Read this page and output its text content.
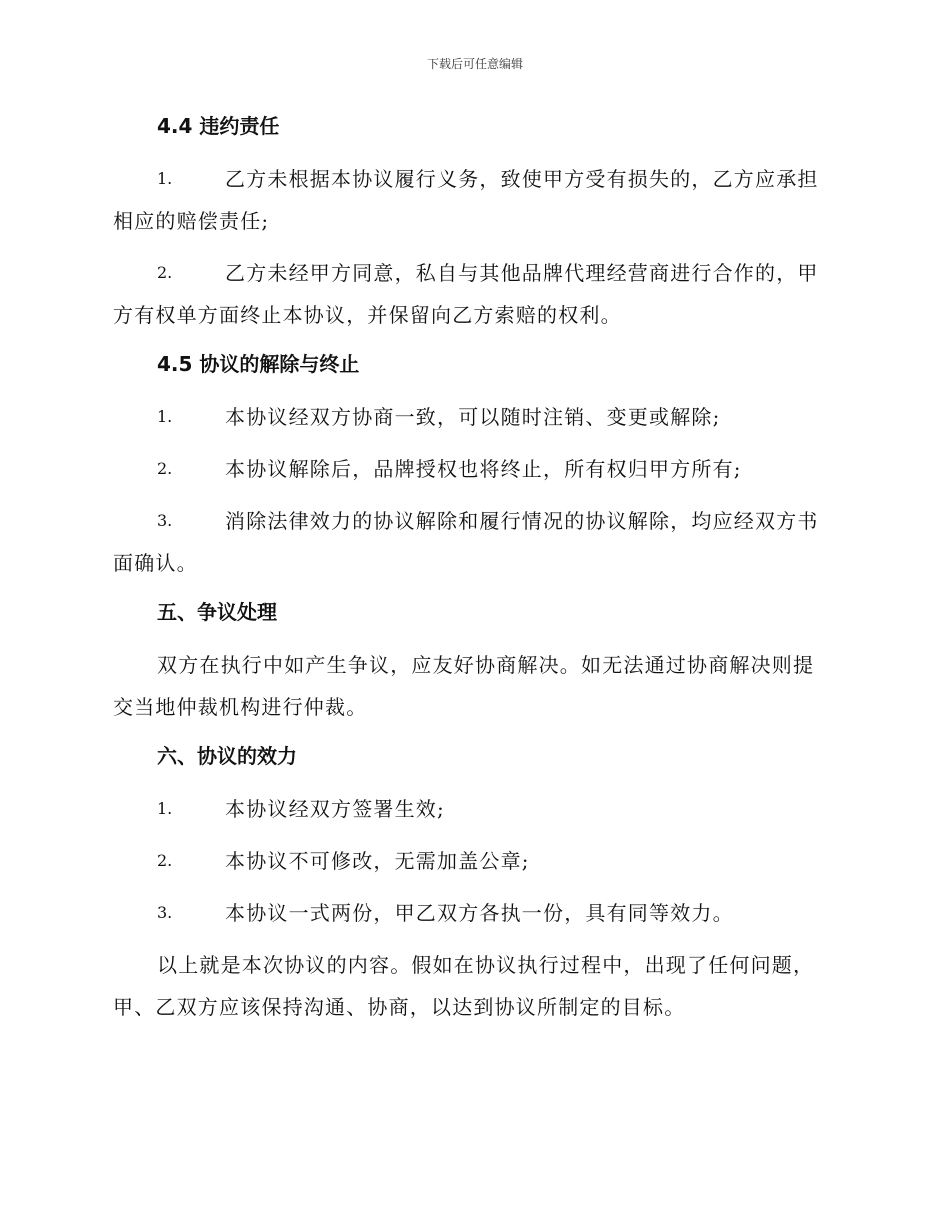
下载后可任意编辑
4.4 违约责任
1.	乙方未根据本协议履行义务，致使甲方受有损失的，乙方应承担相应的赔偿责任;
2.	乙方未经甲方同意，私自与其他品牌代理经营商进行合作的，甲方有权单方面终止本协议，并保留向乙方索赔的权利。
4.5 协议的解除与终止
1.	本协议经双方协商一致，可以随时注销、变更或解除;
2.	本协议解除后，品牌授权也将终止，所有权归甲方所有;
3.	消除法律效力的协议解除和履行情况的协议解除，均应经双方书面确认。
五、争议处理
双方在执行中如产生争议，应友好协商解决。如无法通过协商解决则提交当地仲裁机构进行仲裁。
六、协议的效力
1.	本协议经双方签署生效;
2.	本协议不可修改，无需加盖公章;
3.	本协议一式两份，甲乙双方各执一份，具有同等效力。
以上就是本次协议的内容。假如在协议执行过程中，出现了任何问题，甲、乙双方应该保持沟通、协商，以达到协议所制定的目标。
